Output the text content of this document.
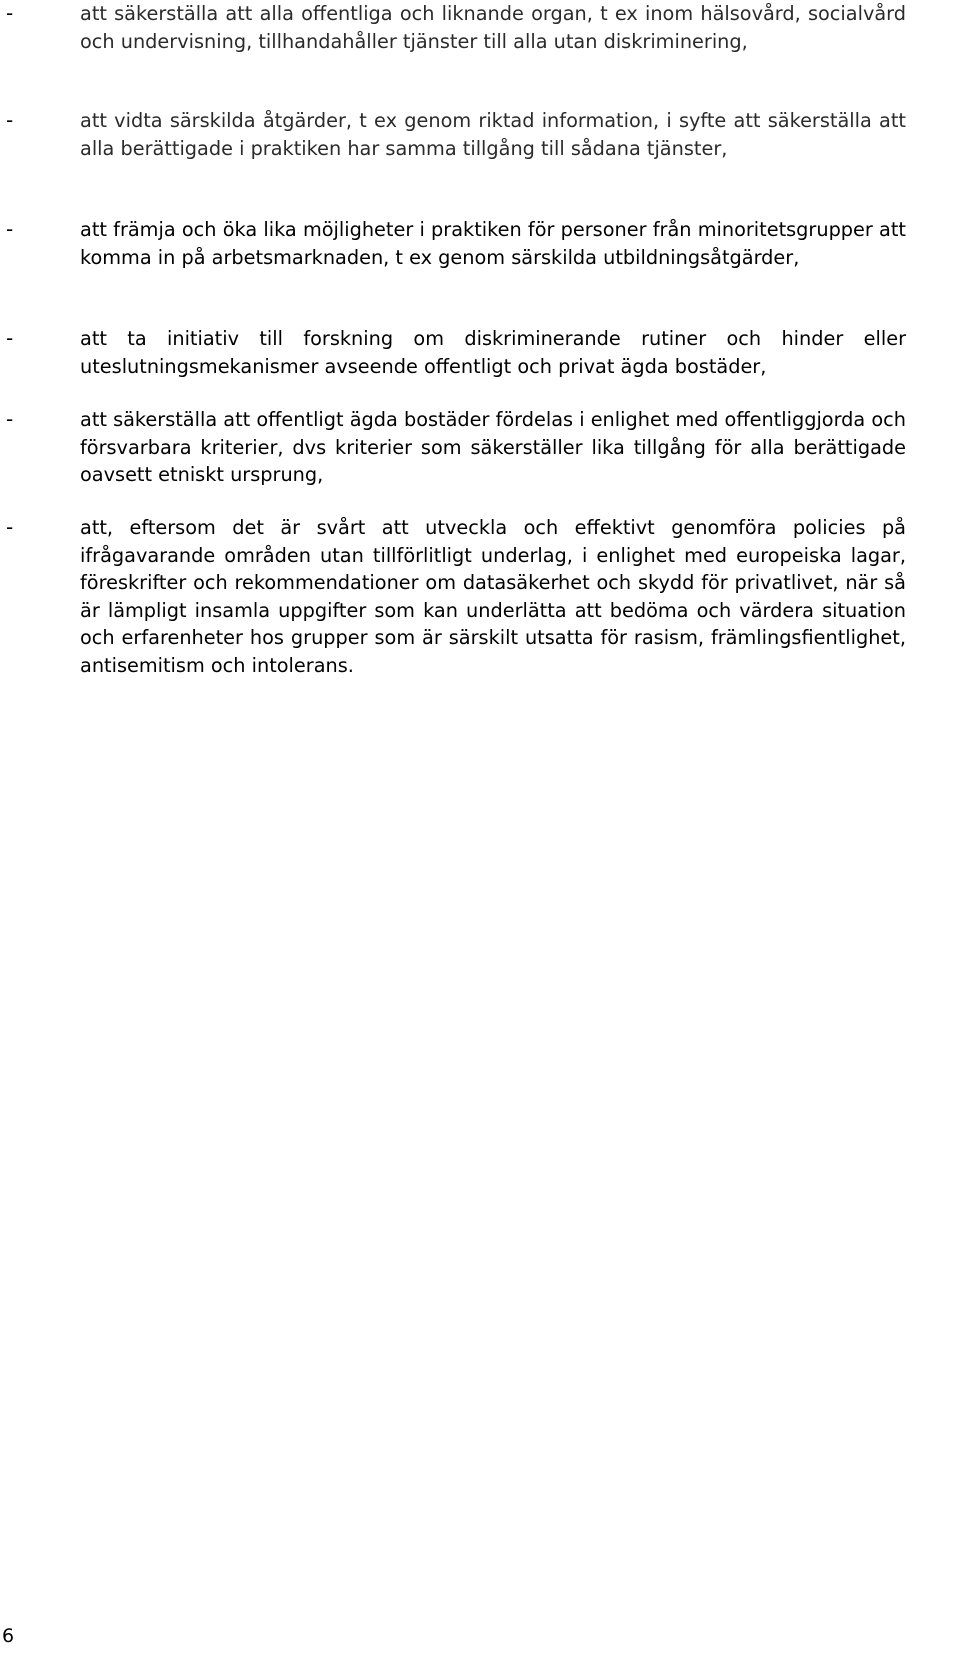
-	att säkerställa att alla offentliga och liknande organ, t ex inom hälsovård, socialvård och undervisning, tillhandahåller tjänster till alla utan diskriminering,
-	att vidta särskilda åtgärder, t ex genom riktad information, i syfte att säkerställa att alla berättigade i praktiken har samma tillgång till sådana tjänster,
-	att främja och öka lika möjligheter i praktiken för personer från minoritetsgrupper att komma in på arbetsmarknaden, t ex genom särskilda utbildningsåtgärder,
-	att ta initiativ till forskning om diskriminerande rutiner och hinder eller uteslutningsmekanismer avseende offentligt och privat ägda bostäder,
-	att säkerställa att offentligt ägda bostäder fördelas i enlighet med offentliggjorda och försvarbara kriterier, dvs kriterier som säkerställer lika tillgång för alla berättigade oavsett etniskt ursprung,
-	att, eftersom det är svårt att utveckla och effektivt genomföra policies på ifrågavarande områden utan tillförlitligt underlag, i enlighet med europeiska lagar, föreskrifter och rekommendationer om datasäkerhet och skydd för privatlivet, när så är lämpligt insamla uppgifter som kan underlätta att bedöma och värdera situation och erfarenheter hos grupper som är särskilt utsatta för rasism, främlingsfientlighet, antisemitism och intolerans.
6
